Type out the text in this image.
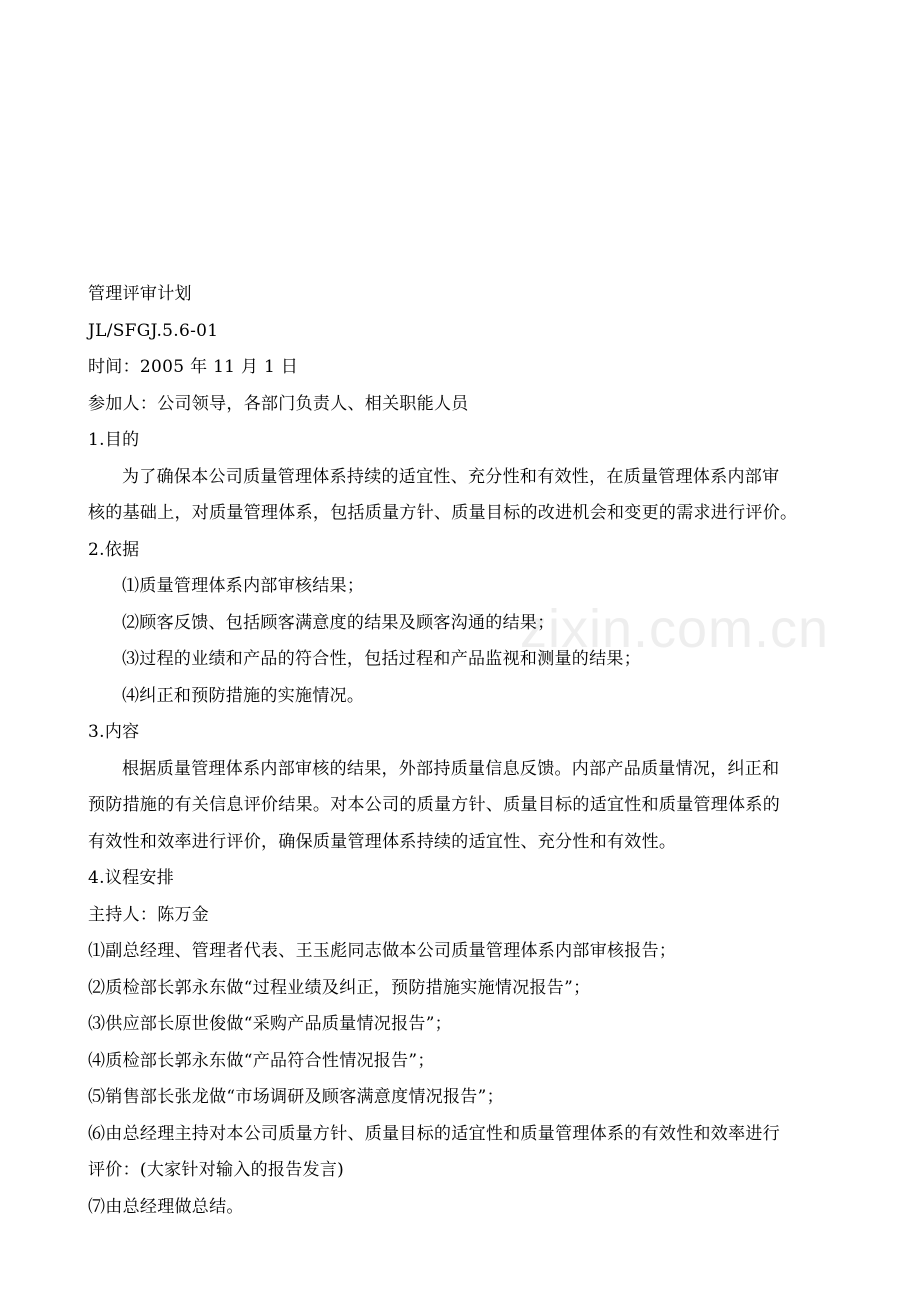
zixin.com.cn
管理评审计划
JL/SFGJ.5.6-01
时间：2005 年 11 月 1 日
参加人：公司领导，各部门负责人、相关职能人员
1.目的
为了确保本公司质量管理体系持续的适宜性、充分性和有效性，在质量管理体系内部审
核的基础上，对质量管理体系，包括质量方针、质量目标的改进机会和变更的需求进行评价。
2.依据
⑴质量管理体系内部审核结果；
⑵顾客反馈、包括顾客满意度的结果及顾客沟通的结果；
⑶过程的业绩和产品的符合性，包括过程和产品监视和测量的结果；
⑷纠正和预防措施的实施情况。
3.内容
根据质量管理体系内部审核的结果，外部持质量信息反馈。内部产品质量情况，纠正和
预防措施的有关信息评价结果。对本公司的质量方针、质量目标的适宜性和质量管理体系的
有效性和效率进行评价，确保质量管理体系持续的适宜性、充分性和有效性。
4.议程安排
主持人：陈万金
⑴副总经理、管理者代表、王玉彪同志做本公司质量管理体系内部审核报告；
⑵质检部长郭永东做“过程业绩及纠正，预防措施实施情况报告”；
⑶供应部长原世俊做“采购产品质量情况报告”；
⑷质检部长郭永东做“产品符合性情况报告”；
⑸销售部长张龙做“市场调研及顾客满意度情况报告”；
⑹由总经理主持对本公司质量方针、质量目标的适宜性和质量管理体系的有效性和效率进行
评价：(大家针对输入的报告发言)
⑺由总经理做总结。
